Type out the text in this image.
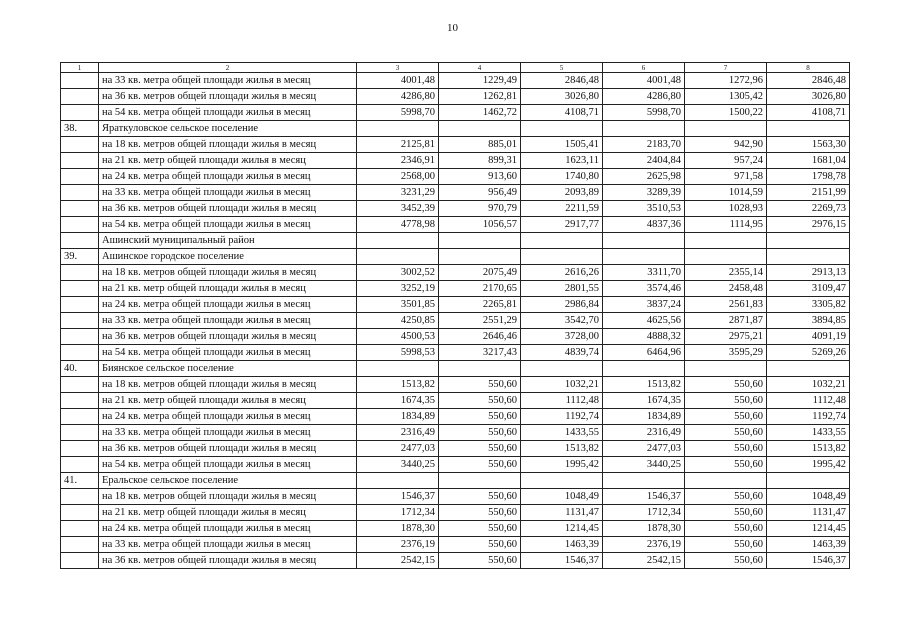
10
1	2	3	4	5	6	7	8
	на 33 кв. метра общей площади жилья в месяц	4001,48	1229,49	2846,48	4001,48	1272,96	2846,48
	на 36 кв. метров общей площади жилья в месяц	4286,80	1262,81	3026,80	4286,80	1305,42	3026,80
	на 54 кв. метра общей площади жилья в месяц	5998,70	1462,72	4108,71	5998,70	1500,22	4108,71
38.	Яраткуловское сельское поселение						
	на 18 кв. метров общей площади жилья в месяц	2125,81	885,01	1505,41	2183,70	942,90	1563,30
	на 21 кв. метр общей площади жилья в месяц	2346,91	899,31	1623,11	2404,84	957,24	1681,04
	на 24 кв. метра общей площади жилья в месяц	2568,00	913,60	1740,80	2625,98	971,58	1798,78
	на 33 кв. метра общей площади жилья в месяц	3231,29	956,49	2093,89	3289,39	1014,59	2151,99
	на 36 кв. метров общей площади жилья в месяц	3452,39	970,79	2211,59	3510,53	1028,93	2269,73
	на 54 кв. метра общей площади жилья в месяц	4778,98	1056,57	2917,77	4837,36	1114,95	2976,15
	Ашинский муниципальный район						
39.	Ашинское городское поселение						
	на 18 кв. метров общей площади жилья в месяц	3002,52	2075,49	2616,26	3311,70	2355,14	2913,13
	на 21 кв. метр общей площади жилья в месяц	3252,19	2170,65	2801,55	3574,46	2458,48	3109,47
	на 24 кв. метра общей площади жилья в месяц	3501,85	2265,81	2986,84	3837,24	2561,83	3305,82
	на 33 кв. метра общей площади жилья в месяц	4250,85	2551,29	3542,70	4625,56	2871,87	3894,85
	на 36 кв. метров общей площади жилья в месяц	4500,53	2646,46	3728,00	4888,32	2975,21	4091,19
	на 54 кв. метра общей площади жилья в месяц	5998,53	3217,43	4839,74	6464,96	3595,29	5269,26
40.	Биянское сельское поселение						
	на 18 кв. метров общей площади жилья в месяц	1513,82	550,60	1032,21	1513,82	550,60	1032,21
	на 21 кв. метр общей площади жилья в месяц	1674,35	550,60	1112,48	1674,35	550,60	1112,48
	на 24 кв. метра общей площади жилья в месяц	1834,89	550,60	1192,74	1834,89	550,60	1192,74
	на 33 кв. метра общей площади жилья в месяц	2316,49	550,60	1433,55	2316,49	550,60	1433,55
	на 36 кв. метров общей площади жилья в месяц	2477,03	550,60	1513,82	2477,03	550,60	1513,82
	на 54 кв. метра общей площади жилья в месяц	3440,25	550,60	1995,42	3440,25	550,60	1995,42
41.	Еральское сельское поселение						
	на 18 кв. метров общей площади жилья в месяц	1546,37	550,60	1048,49	1546,37	550,60	1048,49
	на 21 кв. метр общей площади жилья в месяц	1712,34	550,60	1131,47	1712,34	550,60	1131,47
	на 24 кв. метра общей площади жилья в месяц	1878,30	550,60	1214,45	1878,30	550,60	1214,45
	на 33 кв. метра общей площади жилья в месяц	2376,19	550,60	1463,39	2376,19	550,60	1463,39
	на 36 кв. метров общей площади жилья в месяц	2542,15	550,60	1546,37	2542,15	550,60	1546,37
